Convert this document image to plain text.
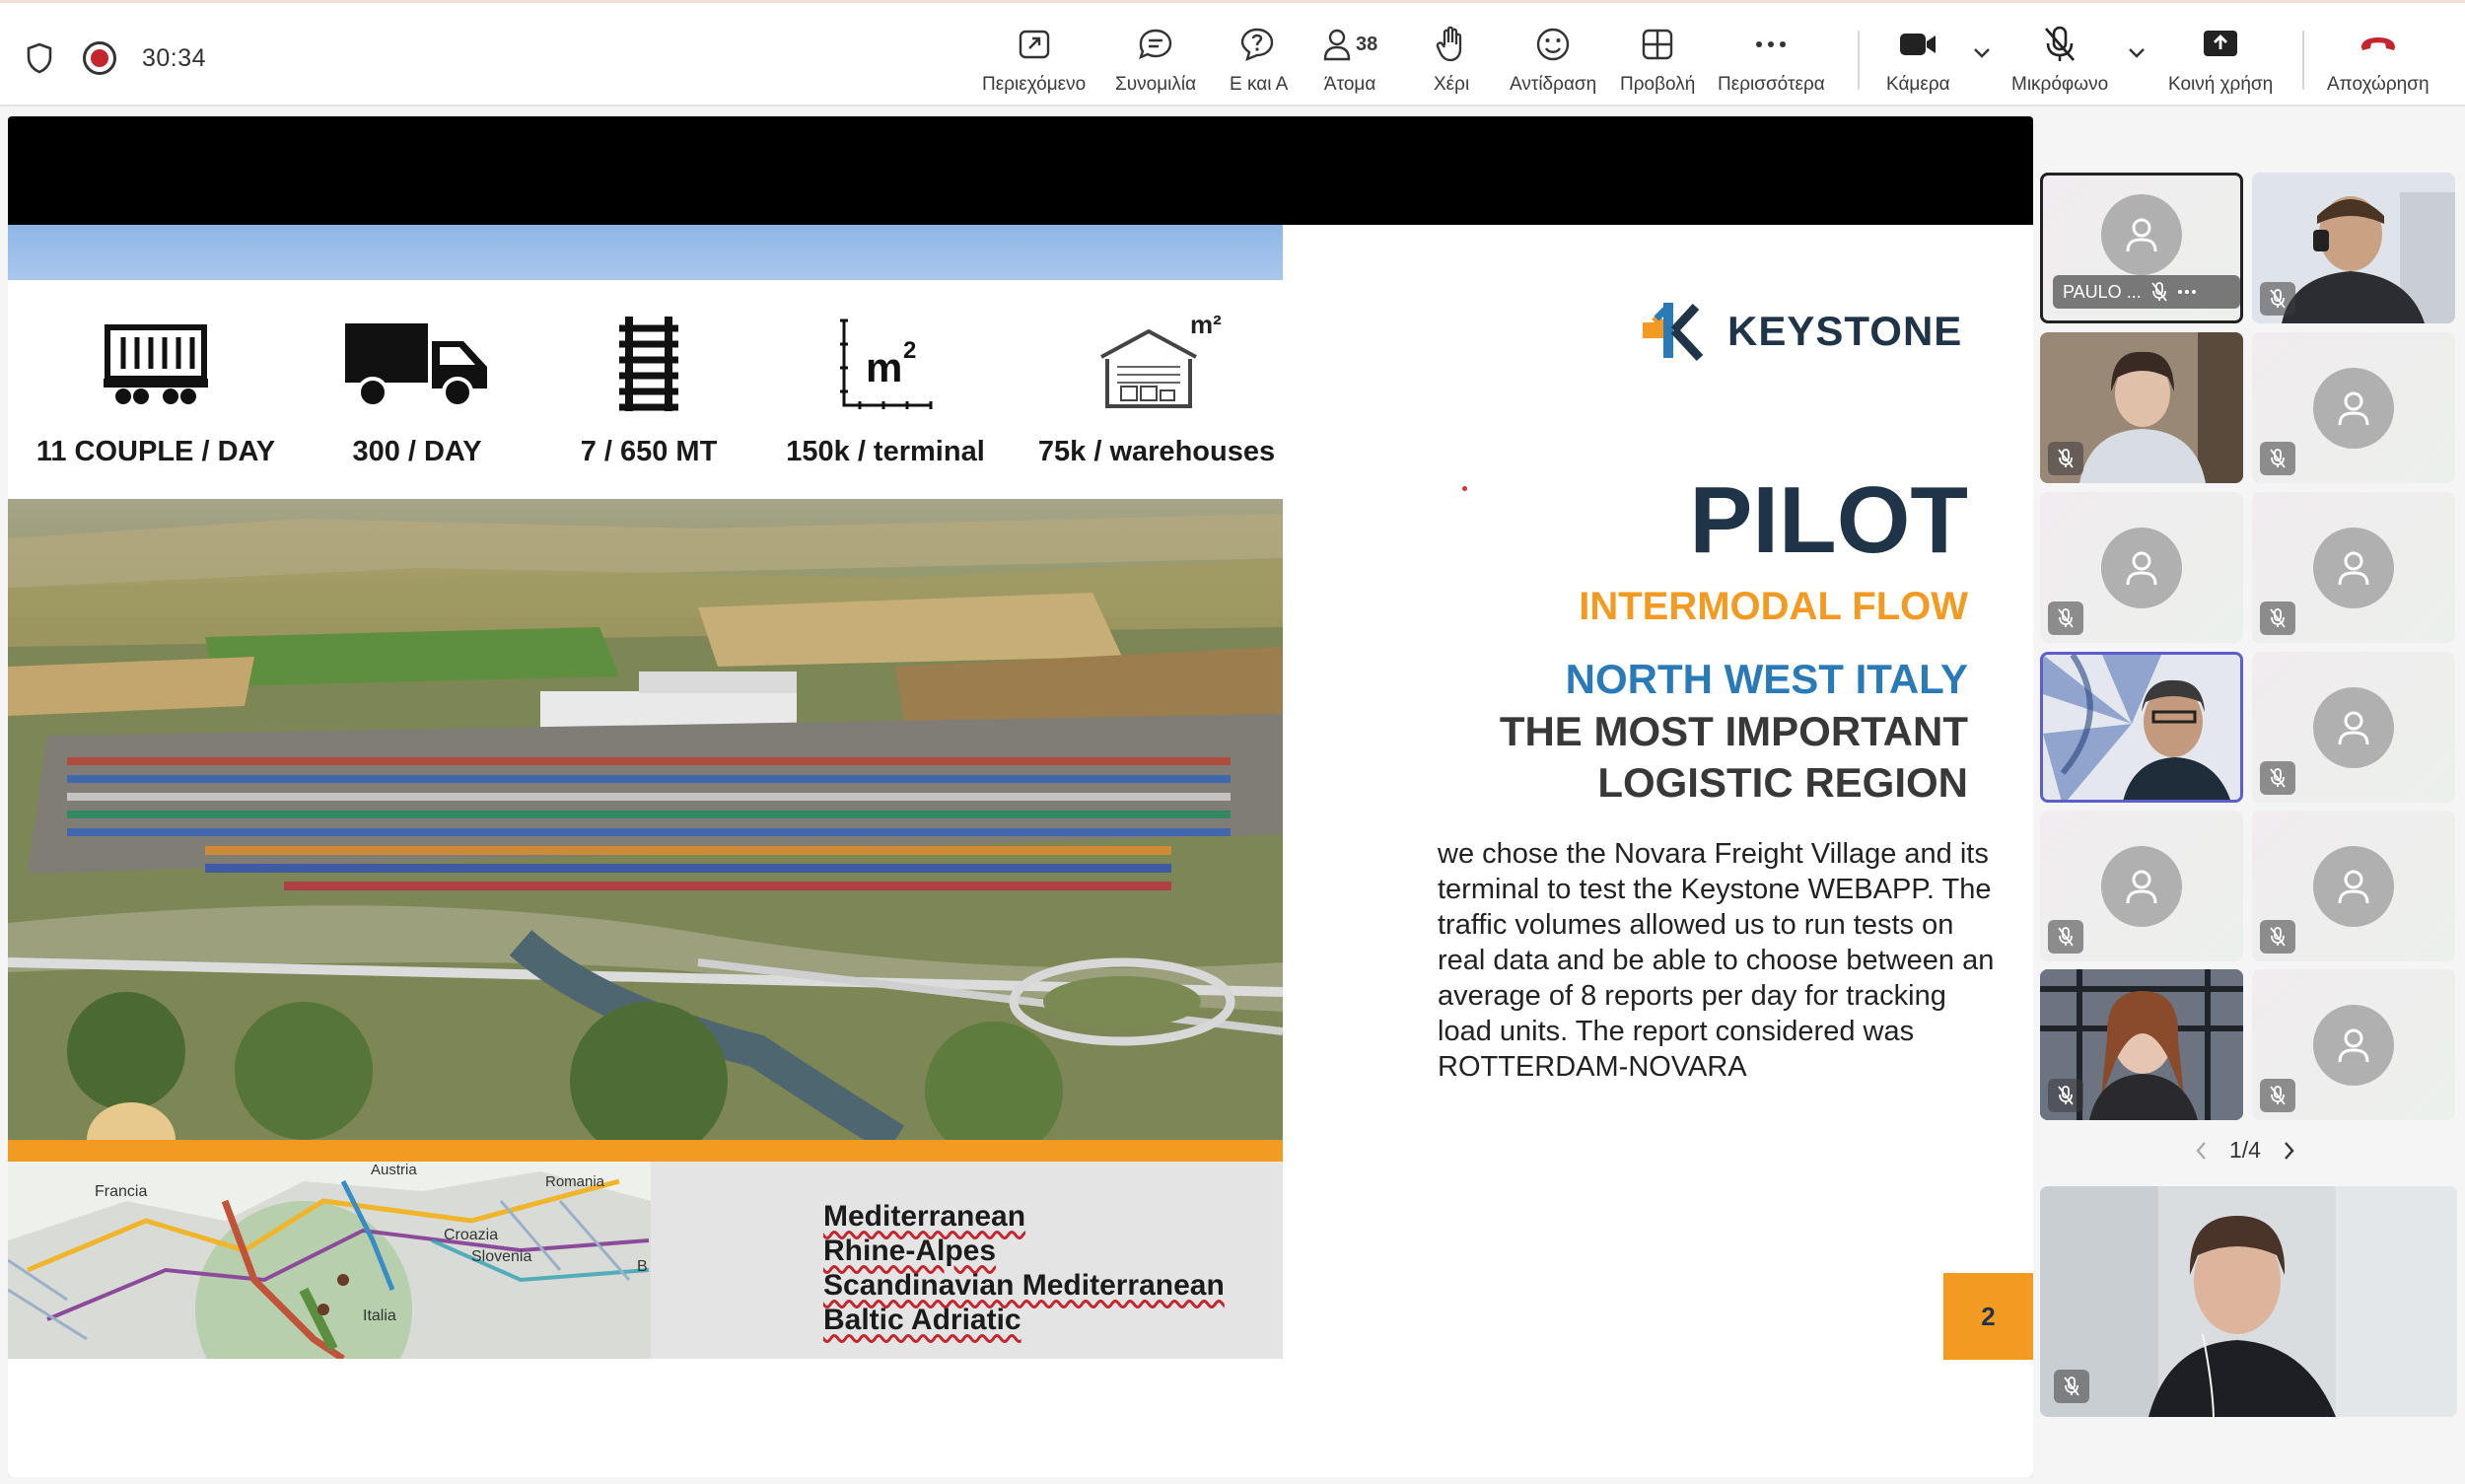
30:34
Περιεχόμενο Συνομιλία Ε και Α
38
Άτομα	Χέρι Αντίδραση Προβολή Περισσότερα	Κάμερα	Μικρόφωνο	Κοινή χρήση	Αποχώρηση
11 COUPLE / DAY	300 / DAY	7 / 650 MT
m 2
150k / terminal
m²
75k / warehouses
Francia
Austria
Romania
Croazia
Slovenia
Italia
B
Mediterranean
Rhine-Alpes
Scandinavian Mediterranean
Baltic Adriatic
KEYSTONE
PILOT
INTERMODAL FLOW
NORTH WEST ITALY
THE MOST IMPORTANT
LOGISTIC REGION
we chose the Novara Freight Village and its terminal to test the Keystone WEBAPP. The traffic volumes allowed us to run tests on real data and be able to choose between an average of 8 reports per day for tracking load units. The report considered was ROTTERDAM-NOVARA
2
MASSIMO ARNESE CIM SPA — +
PAULO ...
1/4
